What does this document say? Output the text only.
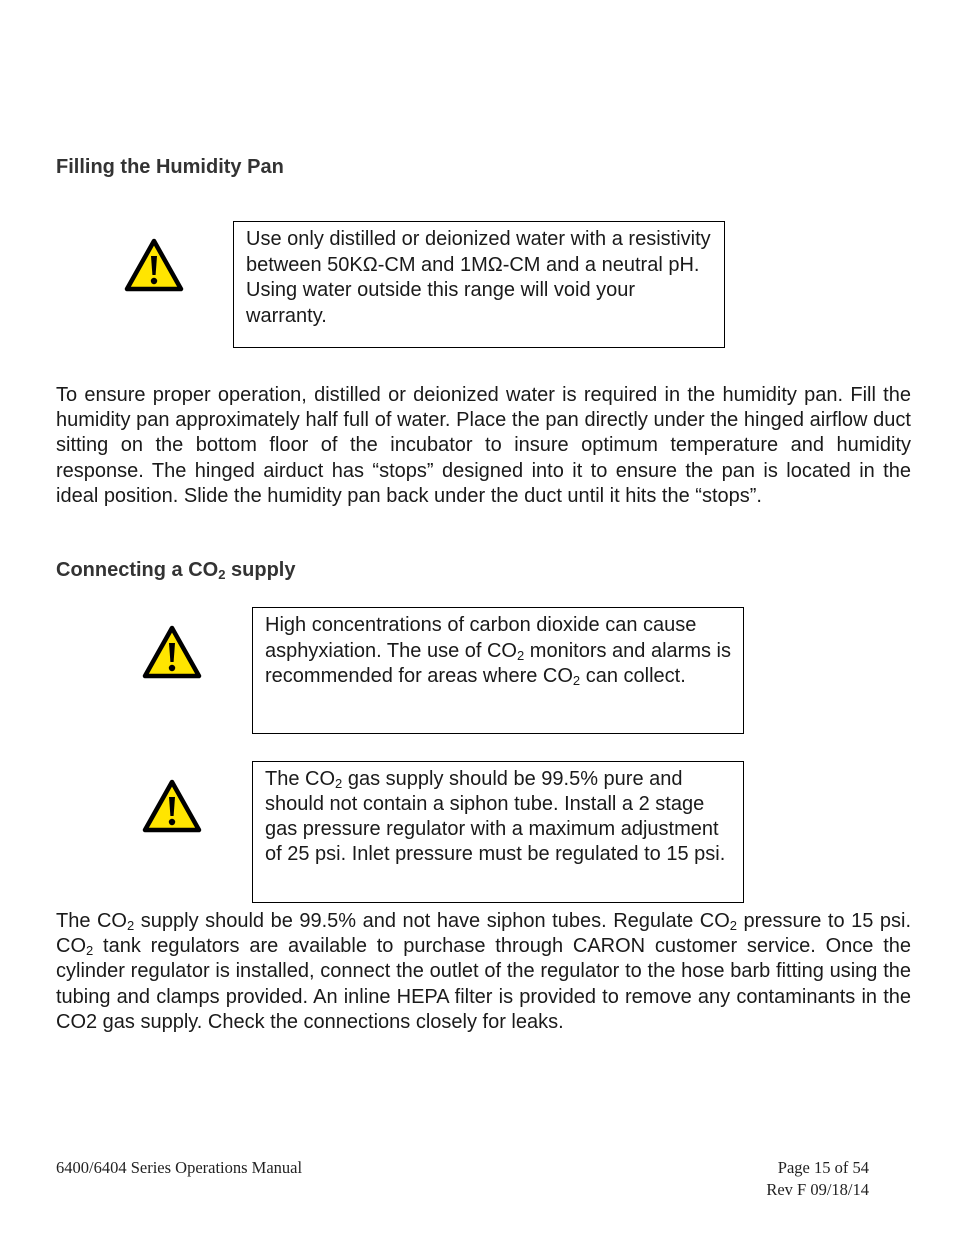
Filling the Humidity Pan
Use only distilled or deionized water with a resistivity between 50KΩ-CM and 1MΩ-CM and a neutral pH. Using water outside this range will void your warranty.
To ensure proper operation, distilled or deionized water is required in the humidity pan. Fill the humidity pan approximately half full of water. Place the pan directly under the hinged airflow duct sitting on the bottom floor of the incubator to insure optimum temperature and humidity response. The hinged airduct has “stops” designed into it to ensure the pan is located in the ideal position. Slide the humidity pan back under the duct until it hits the “stops”.
Connecting a $CO_2$ supply
High concentrations of carbon dioxide can cause asphyxiation. The use of $CO_2$ monitors and alarms is recommended for areas where $CO_2$ can collect.
The $CO_2$ gas supply should be 99.5% pure and should not contain a siphon tube. Install a 2 stage gas pressure regulator with a maximum adjustment of 25 psi. Inlet pressure must be regulated to 15 psi.
The $CO_2$ supply should be 99.5% and not have siphon tubes. Regulate $CO_2$ pressure to 15 psi. $CO_2$ tank regulators are available to purchase through CARON customer service. Once the cylinder regulator is installed, connect the outlet of the regulator to the hose barb fitting using the tubing and clamps provided. An inline HEPA filter is provided to remove any contaminants in the CO2 gas supply. Check the connections closely for leaks.
6400/6404 Series Operations Manual	Page 15 of 54
Rev F 09/18/14
